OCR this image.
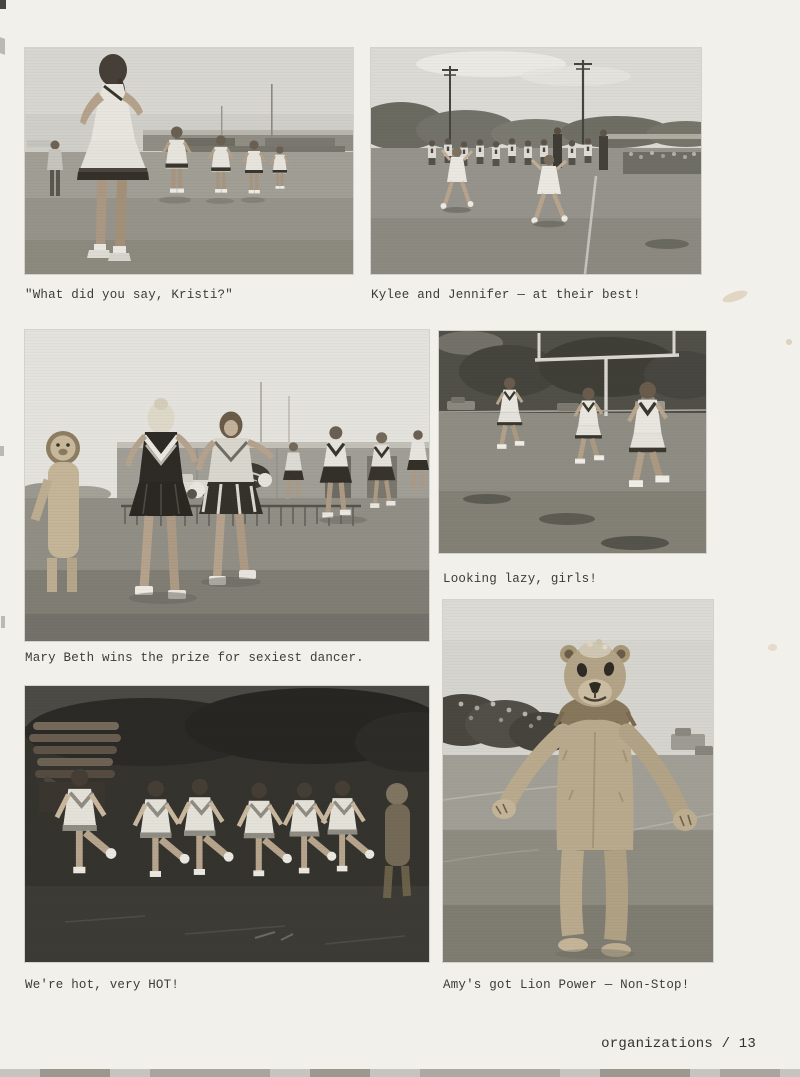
"What did you say, Kristi?"	Kylee and Jennifer — at their best!
Mary Beth wins the prize for sexiest dancer.
Looking lazy, girls!
We're hot, very HOT!	Amy's got Lion Power — Non-Stop!
organizations / 13
